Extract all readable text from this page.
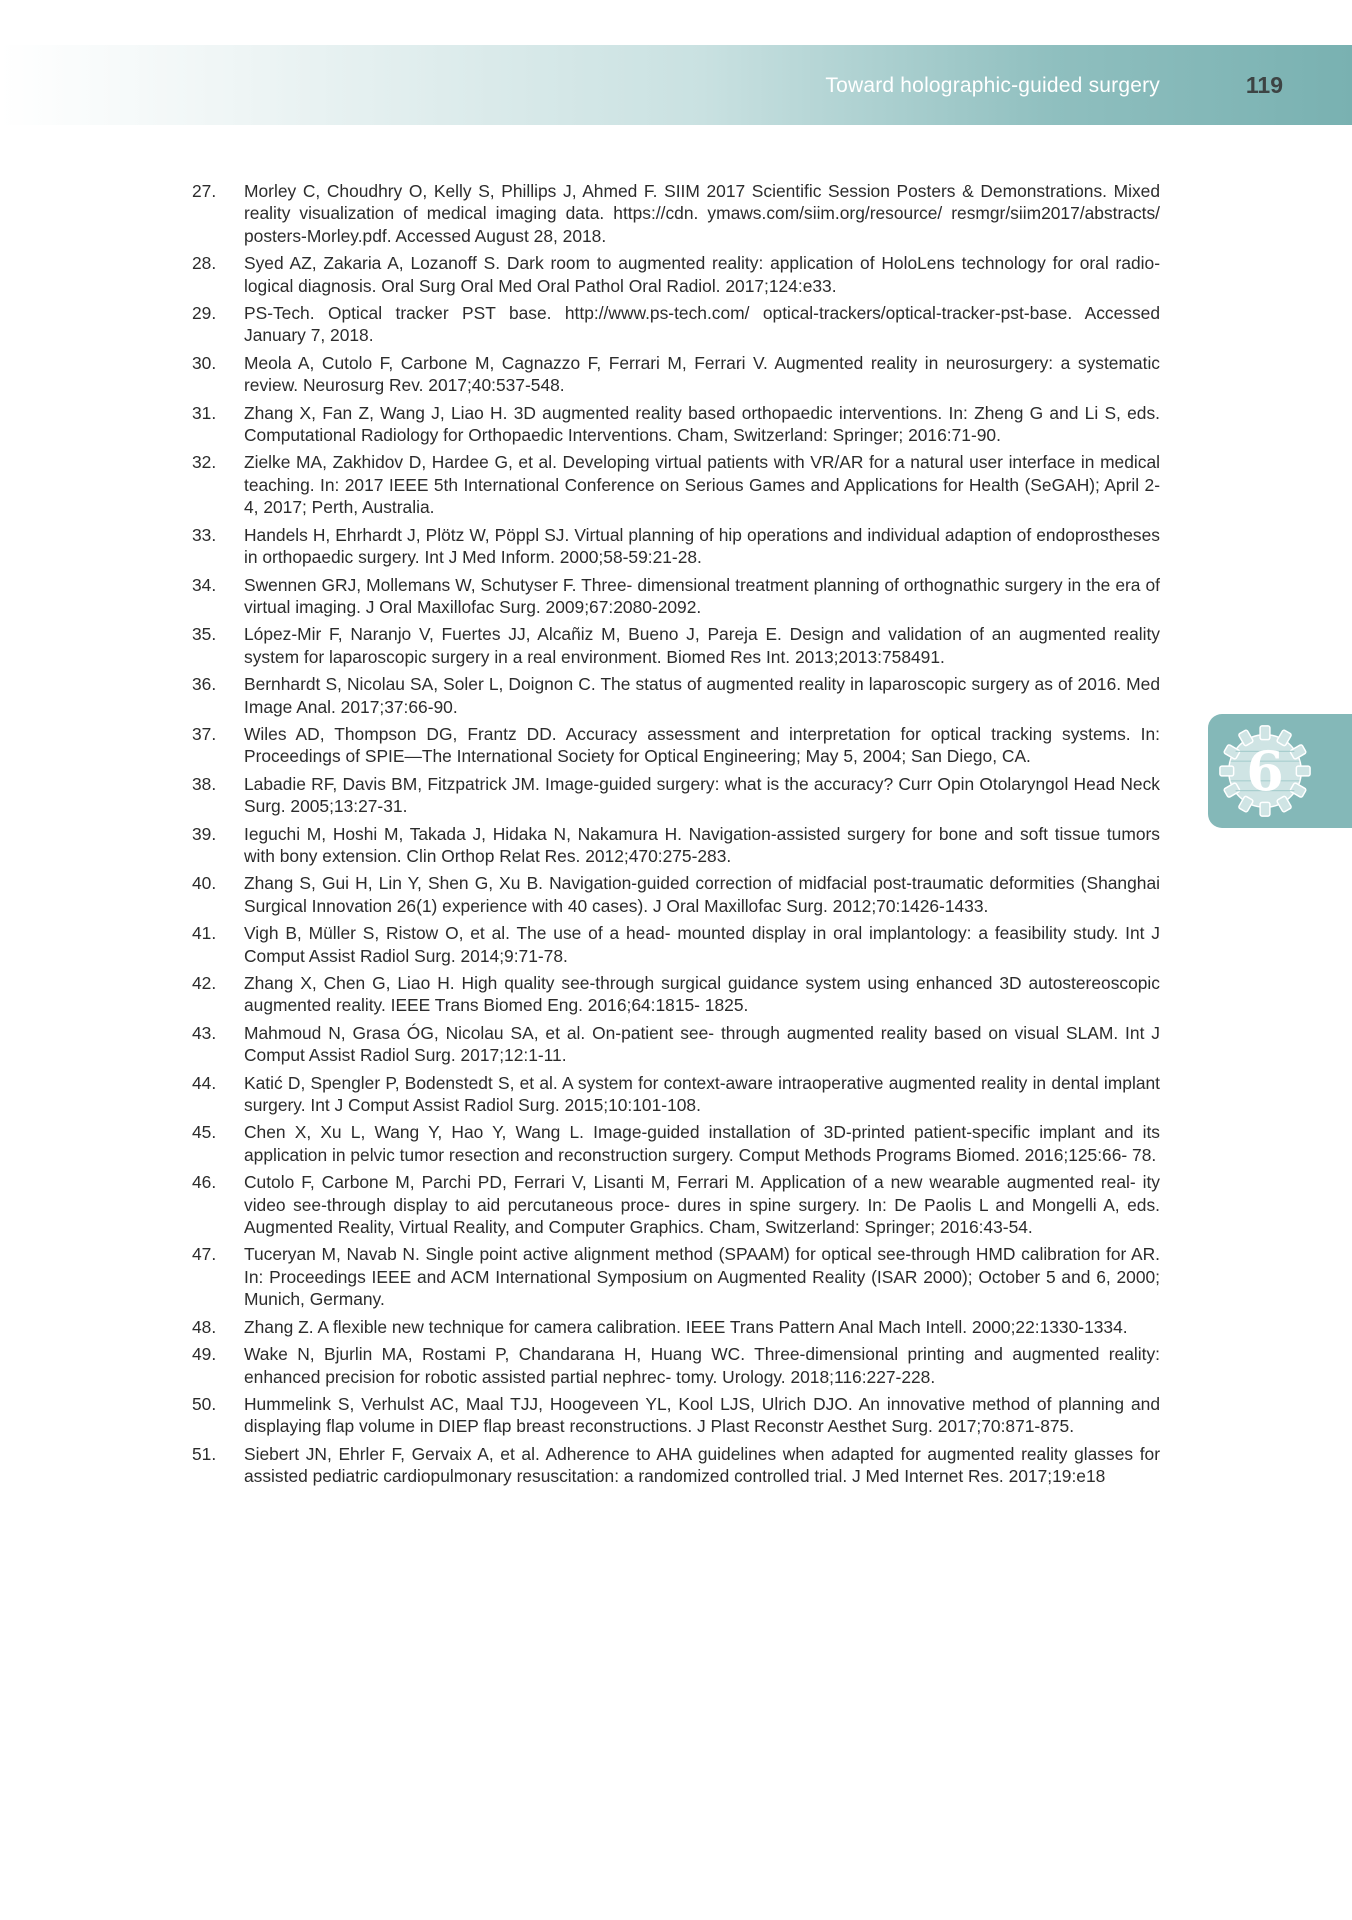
Toward holographic-guided surgery	119
6
27.	Morley C, Choudhry O, Kelly S, Phillips J, Ahmed F. SIIM 2017 Scientific Session Posters & Demonstrations. Mixed reality visualization of medical imaging data. https://cdn. ymaws.com/siim.org/resource/ resmgr/siim2017/abstracts/ posters-Morley.pdf. Accessed August 28, 2018.
28.	Syed AZ, Zakaria A, Lozanoff S. Dark room to augmented reality: application of HoloLens technology for oral radio- logical diagnosis. Oral Surg Oral Med Oral Pathol Oral Radiol. 2017;124:e33.
29.	PS-Tech. Optical tracker PST base. http://www.ps-tech.com/ optical-trackers/optical-tracker-pst-base. Accessed January 7, 2018.
30.	Meola A, Cutolo F, Carbone M, Cagnazzo F, Ferrari M, Ferrari V. Augmented reality in neurosurgery: a systematic review. Neurosurg Rev. 2017;40:537-548.
31.	Zhang X, Fan Z, Wang J, Liao H. 3D augmented reality based orthopaedic interventions. In: Zheng G and Li S, eds. Computational Radiology for Orthopaedic Interventions. Cham, Switzerland: Springer; 2016:71-90.
32.	Zielke MA, Zakhidov D, Hardee G, et al. Developing virtual patients with VR/AR for a natural user interface in medical teaching. In: 2017 IEEE 5th International Conference on Serious Games and Applications for Health (SeGAH); April 2-4, 2017; Perth, Australia.
33.	Handels H, Ehrhardt J, Plötz W, Pöppl SJ. Virtual planning of hip operations and individual adaption of endoprostheses in orthopaedic surgery. Int J Med Inform. 2000;58-59:21-28.
34.	Swennen GRJ, Mollemans W, Schutyser F. Three- dimensional treatment planning of orthognathic surgery in the era of virtual imaging. J Oral Maxillofac Surg. 2009;67:2080-2092.
35.	López-Mir F, Naranjo V, Fuertes JJ, Alcañiz M, Bueno J, Pareja E. Design and validation of an augmented reality system for laparoscopic surgery in a real environment. Biomed Res Int. 2013;2013:758491.
36.	Bernhardt S, Nicolau SA, Soler L, Doignon C. The status of augmented reality in laparoscopic surgery as of 2016. Med Image Anal. 2017;37:66-90.
37.	Wiles AD, Thompson DG, Frantz DD. Accuracy assessment and interpretation for optical tracking systems. In: Proceedings of SPIE—The International Society for Optical Engineering; May 5, 2004; San Diego, CA.
38.	Labadie RF, Davis BM, Fitzpatrick JM. Image-guided surgery: what is the accuracy? Curr Opin Otolaryngol Head Neck Surg. 2005;13:27-31.
39.	Ieguchi M, Hoshi M, Takada J, Hidaka N, Nakamura H. Navigation-assisted surgery for bone and soft tissue tumors with bony extension. Clin Orthop Relat Res. 2012;470:275-283.
40.	Zhang S, Gui H, Lin Y, Shen G, Xu B. Navigation-guided correction of midfacial post-traumatic deformities (Shanghai Surgical Innovation 26(1) experience with 40 cases). J Oral Maxillofac Surg. 2012;70:1426-1433.
41.	Vigh B, Müller S, Ristow O, et al. The use of a head- mounted display in oral implantology: a feasibility study. Int J Comput Assist Radiol Surg. 2014;9:71-78.
42.	Zhang X, Chen G, Liao H. High quality see-through surgical guidance system using enhanced 3D autostereoscopic augmented reality. IEEE Trans Biomed Eng. 2016;64:1815- 1825.
43.	Mahmoud N, Grasa ÓG, Nicolau SA, et al. On-patient see- through augmented reality based on visual SLAM. Int J Comput Assist Radiol Surg. 2017;12:1-11.
44.	Katić D, Spengler P, Bodenstedt S, et al. A system for context-aware intraoperative augmented reality in dental implant surgery. Int J Comput Assist Radiol Surg. 2015;10:101-108.
45.	Chen X, Xu L, Wang Y, Hao Y, Wang L. Image-guided installation of 3D-printed patient-specific implant and its application in pelvic tumor resection and reconstruction surgery. Comput Methods Programs Biomed. 2016;125:66- 78.
46.	Cutolo F, Carbone M, Parchi PD, Ferrari V, Lisanti M, Ferrari M. Application of a new wearable augmented real- ity video see-through display to aid percutaneous proce- dures in spine surgery. In: De Paolis L and Mongelli A, eds. Augmented Reality, Virtual Reality, and Computer Graphics. Cham, Switzerland: Springer; 2016:43-54.
47.	Tuceryan M, Navab N. Single point active alignment method (SPAAM) for optical see-through HMD calibration for AR. In: Proceedings IEEE and ACM International Symposium on Augmented Reality (ISAR 2000); October 5 and 6, 2000; Munich, Germany.
48.	Zhang Z. A flexible new technique for camera calibration. IEEE Trans Pattern Anal Mach Intell. 2000;22:1330-1334.
49.	Wake N, Bjurlin MA, Rostami P, Chandarana H, Huang WC. Three-dimensional printing and augmented reality: enhanced precision for robotic assisted partial nephrec- tomy. Urology. 2018;116:227-228.
50.	Hummelink S, Verhulst AC, Maal TJJ, Hoogeveen YL, Kool LJS, Ulrich DJO. An innovative method of planning and displaying flap volume in DIEP flap breast reconstructions. J Plast Reconstr Aesthet Surg. 2017;70:871-875.
51.	Siebert JN, Ehrler F, Gervaix A, et al. Adherence to AHA guidelines when adapted for augmented reality glasses for assisted pediatric cardiopulmonary resuscitation: a randomized controlled trial. J Med Internet Res. 2017;19:e18
